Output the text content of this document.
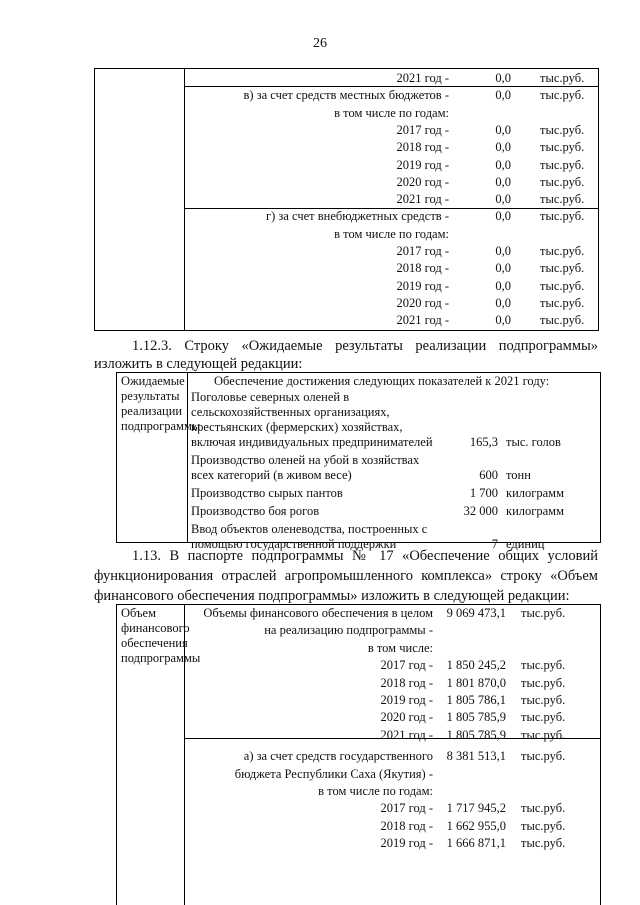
26
2021 год -	0,0 тыс.руб.
в) за счет средств местных бюджетов -	0,0 тыс.руб.
в том числе по годам:
2017 год -	0,0 тыс.руб.
2018 год -	0,0 тыс.руб.
2019 год -	0,0 тыс.руб.
2020 год -	0,0 тыс.руб.
2021 год -	0,0 тыс.руб.
г) за счет внебюджетных средств -	0,0 тыс.руб.
в том числе по годам:
2017 год -	0,0 тыс.руб.
2018 год -	0,0 тыс.руб.
2019 год -	0,0 тыс.руб.
2020 год -	0,0 тыс.руб.
2021 год -	0,0 тыс.руб.
1.12.3. Строку «Ожидаемые результаты реализации подпрограммы»
изложить в следующей редакции:
Ожидаемые
результаты
реализации
подпрограммы
Обеспечение достижения следующих показателей к 2021 году:
Поголовье северных оленей в
сельскохозяйственных организациях,
крестьянских (фермерских) хозяйствах,
включая индивидуальных предпринимателей	165,3 тыс. голов
Производство оленей на убой в хозяйствах
всех категорий (в живом весе)	600 тонн
Производство сырых пантов	1 700 килограмм
Производство боя рогов	32 000 килограмм
Ввод объектов оленеводства, построенных с
помощью государственной поддержки	7 единиц
1.13. В паспорте подпрограммы № 17 «Обеспечение общих условий
функционирования отраслей агропромышленного комплекса» строку «Объем
финансового обеспечения подпрограммы» изложить в следующей редакции:
Объем
финансового
обеспечения
подпрограммы
Объемы финансового обеспечения в целом 9 069 473,1 тыс.руб.
на реализацию подпрограммы -
в том числе:
2017 год - 1 850 245,2 тыс.руб.
2018 год - 1 801 870,0 тыс.руб.
2019 год - 1 805 786,1 тыс.руб.
2020 год - 1 805 785,9 тыс.руб.
2021 год - 1 805 785,9 тыс.руб.
а) за счет средств государственного 8 381 513,1 тыс.руб.
бюджета Республики Саха (Якутия) -
в том числе по годам:
2017 год - 1 717 945,2 тыс.руб.
2018 год - 1 662 955,0 тыс.руб.
2019 год - 1 666 871,1 тыс.руб.
